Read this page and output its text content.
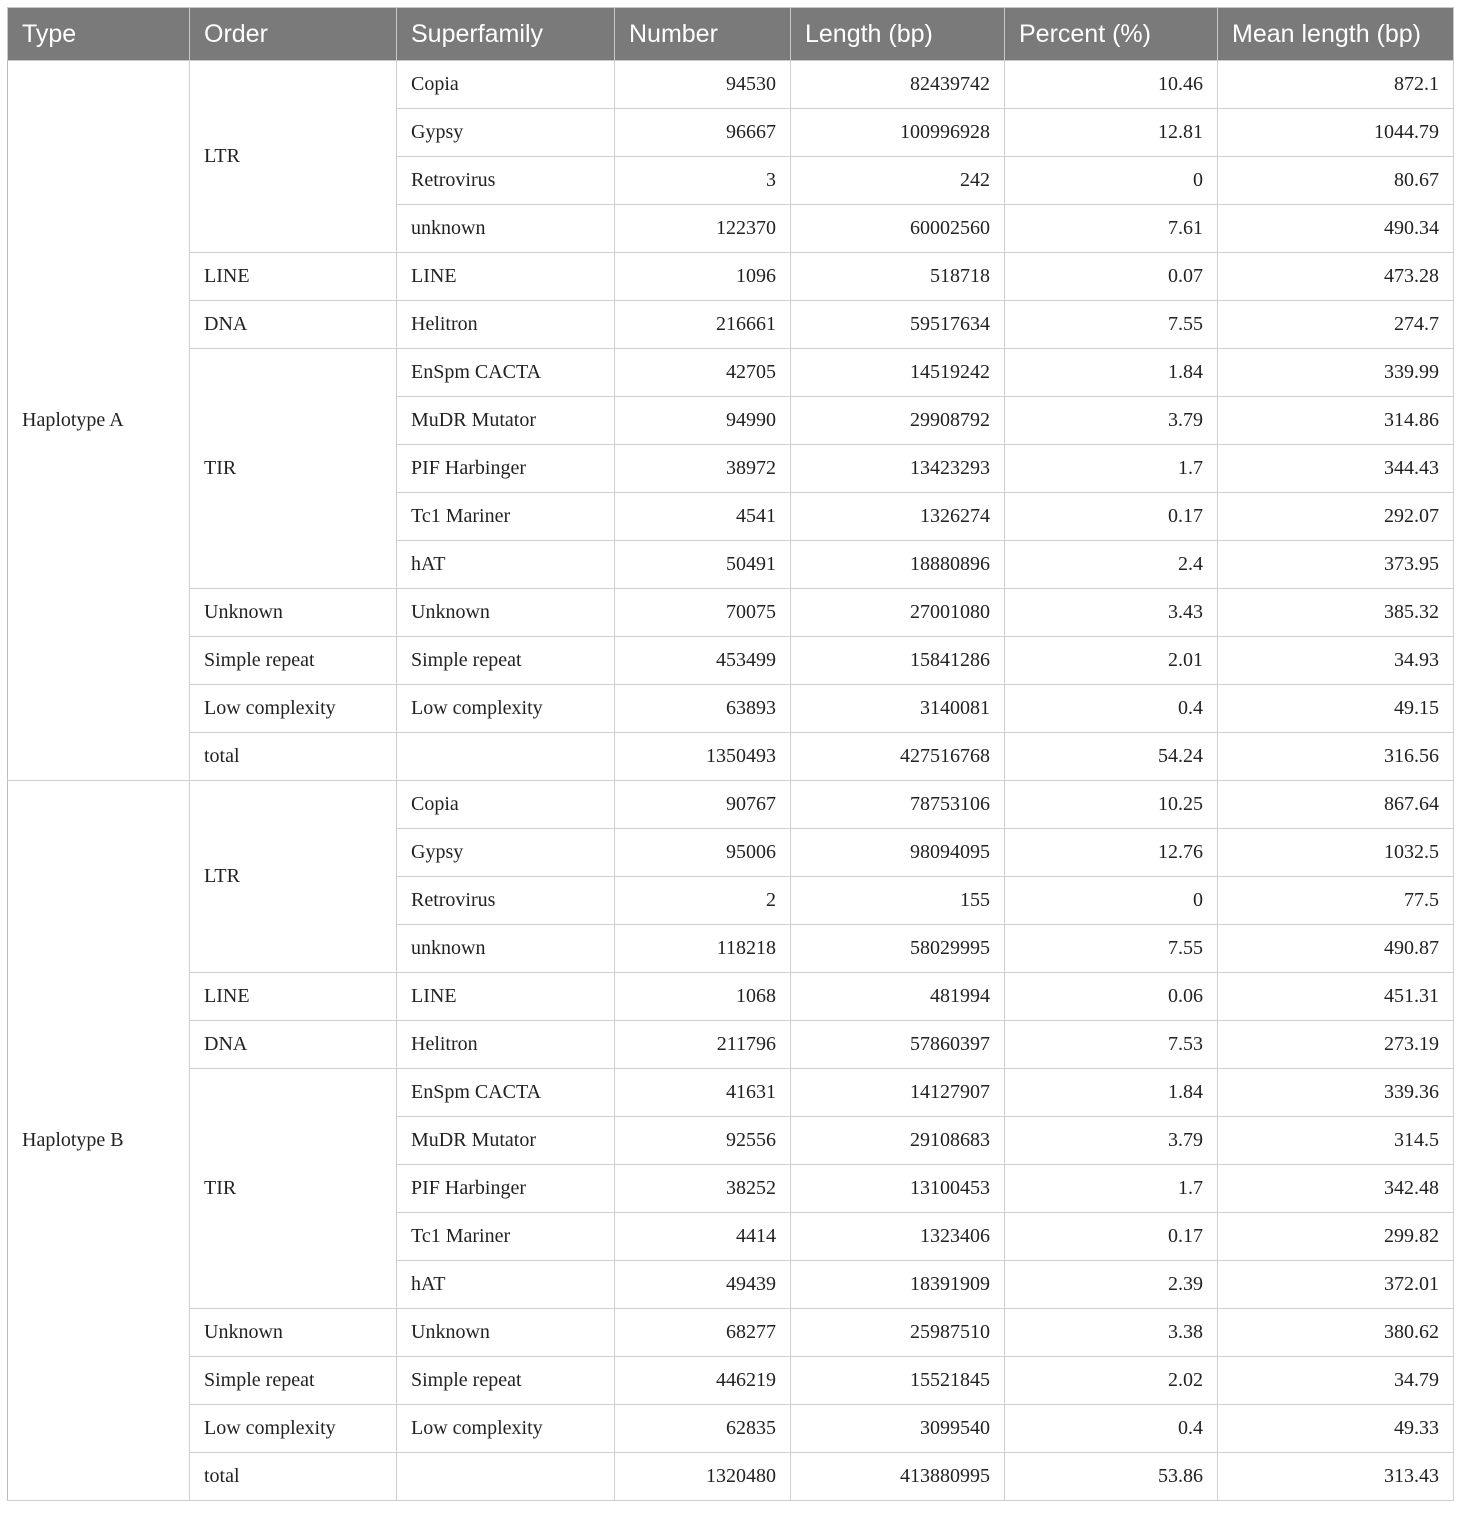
Type	Order	Superfamily	Number	Length (bp)	Percent (%)	Mean length (bp)
Haplotype A	LTR	Copia	94530	82439742	10.46	872.1
		Gypsy	96667	100996928	12.81	1044.79
		Retrovirus	3	242	0	80.67
		unknown	122370	60002560	7.61	490.34
	LINE	LINE	1096	518718	0.07	473.28
	DNA	Helitron	216661	59517634	7.55	274.7
	TIR	EnSpm CACTA	42705	14519242	1.84	339.99
		MuDR Mutator	94990	29908792	3.79	314.86
		PIF Harbinger	38972	13423293	1.7	344.43
		Tc1 Mariner	4541	1326274	0.17	292.07
		hAT	50491	18880896	2.4	373.95
	Unknown	Unknown	70075	27001080	3.43	385.32
	Simple repeat	Simple repeat	453499	15841286	2.01	34.93
	Low complexity	Low complexity	63893	3140081	0.4	49.15
	total		1350493	427516768	54.24	316.56
Haplotype B	LTR	Copia	90767	78753106	10.25	867.64
		Gypsy	95006	98094095	12.76	1032.5
		Retrovirus	2	155	0	77.5
		unknown	118218	58029995	7.55	490.87
	LINE	LINE	1068	481994	0.06	451.31
	DNA	Helitron	211796	57860397	7.53	273.19
	TIR	EnSpm CACTA	41631	14127907	1.84	339.36
		MuDR Mutator	92556	29108683	3.79	314.5
		PIF Harbinger	38252	13100453	1.7	342.48
		Tc1 Mariner	4414	1323406	0.17	299.82
		hAT	49439	18391909	2.39	372.01
	Unknown	Unknown	68277	25987510	3.38	380.62
	Simple repeat	Simple repeat	446219	15521845	2.02	34.79
	Low complexity	Low complexity	62835	3099540	0.4	49.33
	total		1320480	413880995	53.86	313.43
